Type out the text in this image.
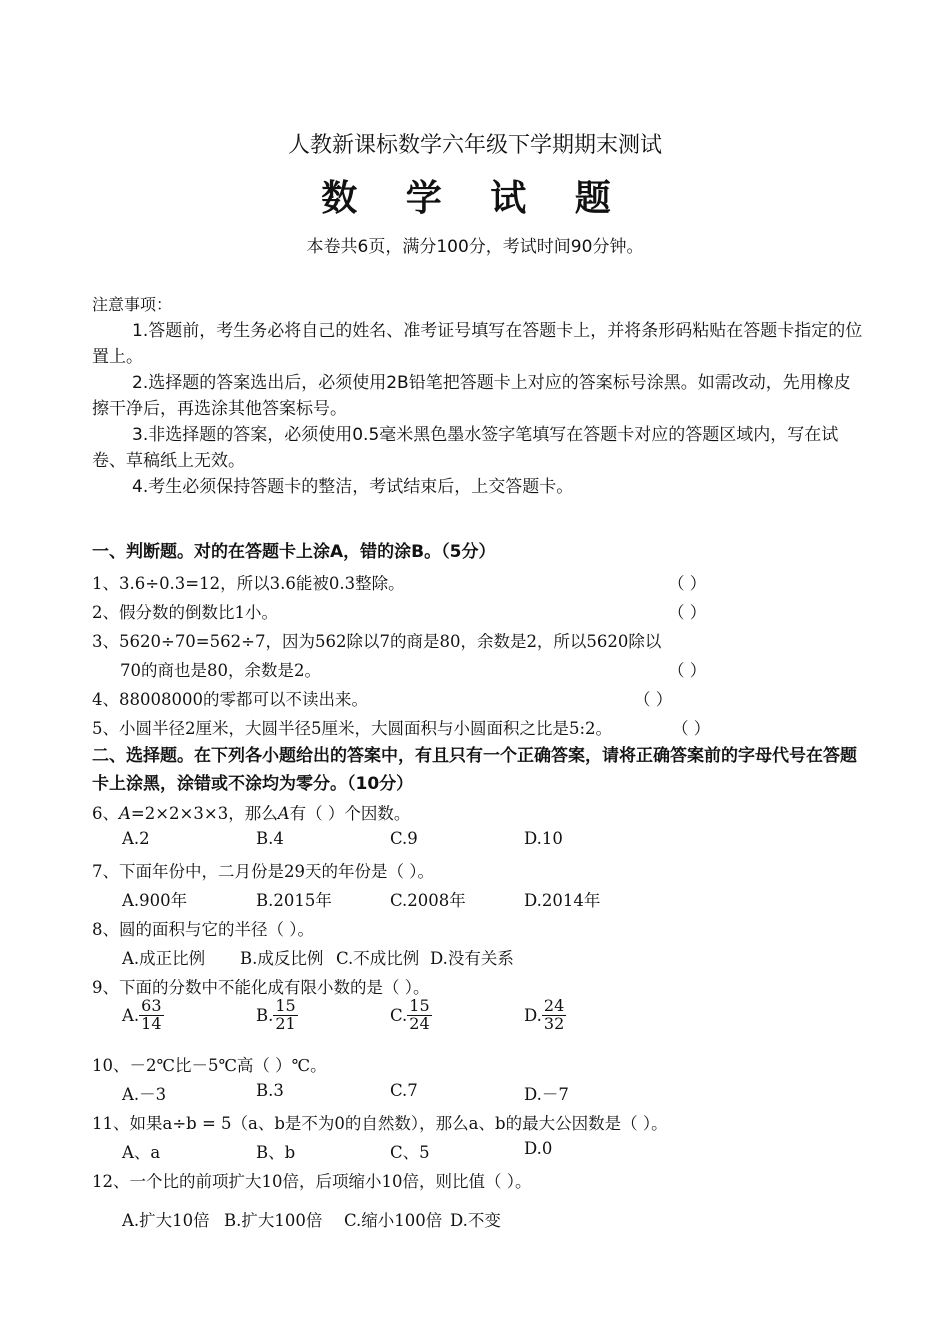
人教新课标数学六年级下学期期末测试
数 学 试 题
本卷共6页，满分100分，考试时间90分钟。
注意事项：
1.答题前，考生务必将自己的姓名、准考证号填写在答题卡上，并将条形码粘贴在答题卡指定的位置上。
2.选择题的答案选出后，必须使用2B铅笔把答题卡上对应的答案标号涂黑。如需改动，先用橡皮擦干净后，再选涂其他答案标号。
3.非选择题的答案，必须使用0.5毫米黑色墨水签字笔填写在答题卡对应的答题区域内，写在试卷、草稿纸上无效。
4.考生必须保持答题卡的整洁，考试结束后，上交答题卡。
一、判断题。对的在答题卡上涂A，错的涂B。（5分）
1、3.6÷0.3=12，所以3.6能被0.3整除。	（ ）
2、假分数的倒数比1小。	（ ）
3、5620÷70=562÷7，因为562除以7的商是80，余数是2，所以5620除以
70的商也是80，余数是2。	（ ）
4、88008000的零都可以不读出来。	（ ）
5、小圆半径2厘米，大圆半径5厘米，大圆面积与小圆面积之比是5:2。	（ ）
二、选择题。在下列各小题给出的答案中，有且只有一个正确答案，请将正确答案前的字母代号在答题卡上涂黑，涂错或不涂均为零分。（10分）
6、𝐴=2×2×3×3，那么𝐴有（ ）个因数。
A.2	B.4	C.9	D.10
7、下面年份中，二月份是29天的年份是（ ）。
A.900年	B.2015年	C.2008年	D.2014年
8、圆的面积与它的半径（ ）。
A.成正比例 B.成反比例 C.不成比例 D.没有关系
9、下面的分数中不能化成有限小数的是（ ）。
A. $\frac{63}{14}$	B. $\frac{15}{21}$	C. $\frac{15}{24}$	D. $\frac{24}{32}$
10、－2℃比－5℃高（ ）℃。
A.－3	B.3	C.7	D.－7
11、如果a÷b = 5（a、b是不为0的自然数），那么a、b的最大公因数是（ ）。
A、a	B、b	C、5	D.0
12、一个比的前项扩大10倍，后项缩小10倍，则比值（ ）。
A.扩大10倍 B.扩大100倍 C.缩小100倍 D.不变
